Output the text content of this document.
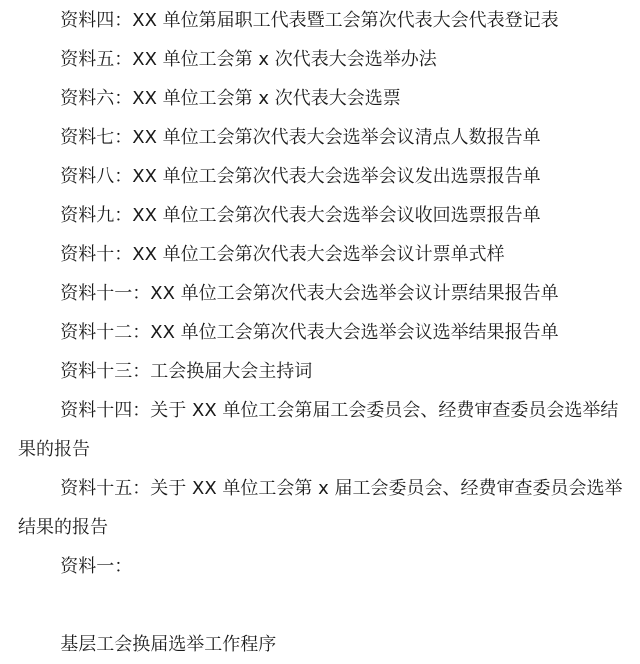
资料四：XX 单位第届职工代表暨工会第次代表大会代表登记表

资料五：XX 单位工会第 x 次代表大会选举办法

资料六：XX 单位工会第 x 次代表大会选票

资料七：XX 单位工会第次代表大会选举会议清点人数报告单

资料八：XX 单位工会第次代表大会选举会议发出选票报告单

资料九：XX 单位工会第次代表大会选举会议收回选票报告单

资料十：XX 单位工会第次代表大会选举会议计票单式样

资料十一：XX 单位工会第次代表大会选举会议计票结果报告单

资料十二：XX 单位工会第次代表大会选举会议选举结果报告单

资料十三：工会换届大会主持词

资料十四：关于 XX 单位工会第届工会委员会、经费审查委员会选举结果的报告

资料十五：关于 XX 单位工会第 x 届工会委员会、经费审查委员会选举结果的报告

资料一：

基层工会换届选举工作程序
